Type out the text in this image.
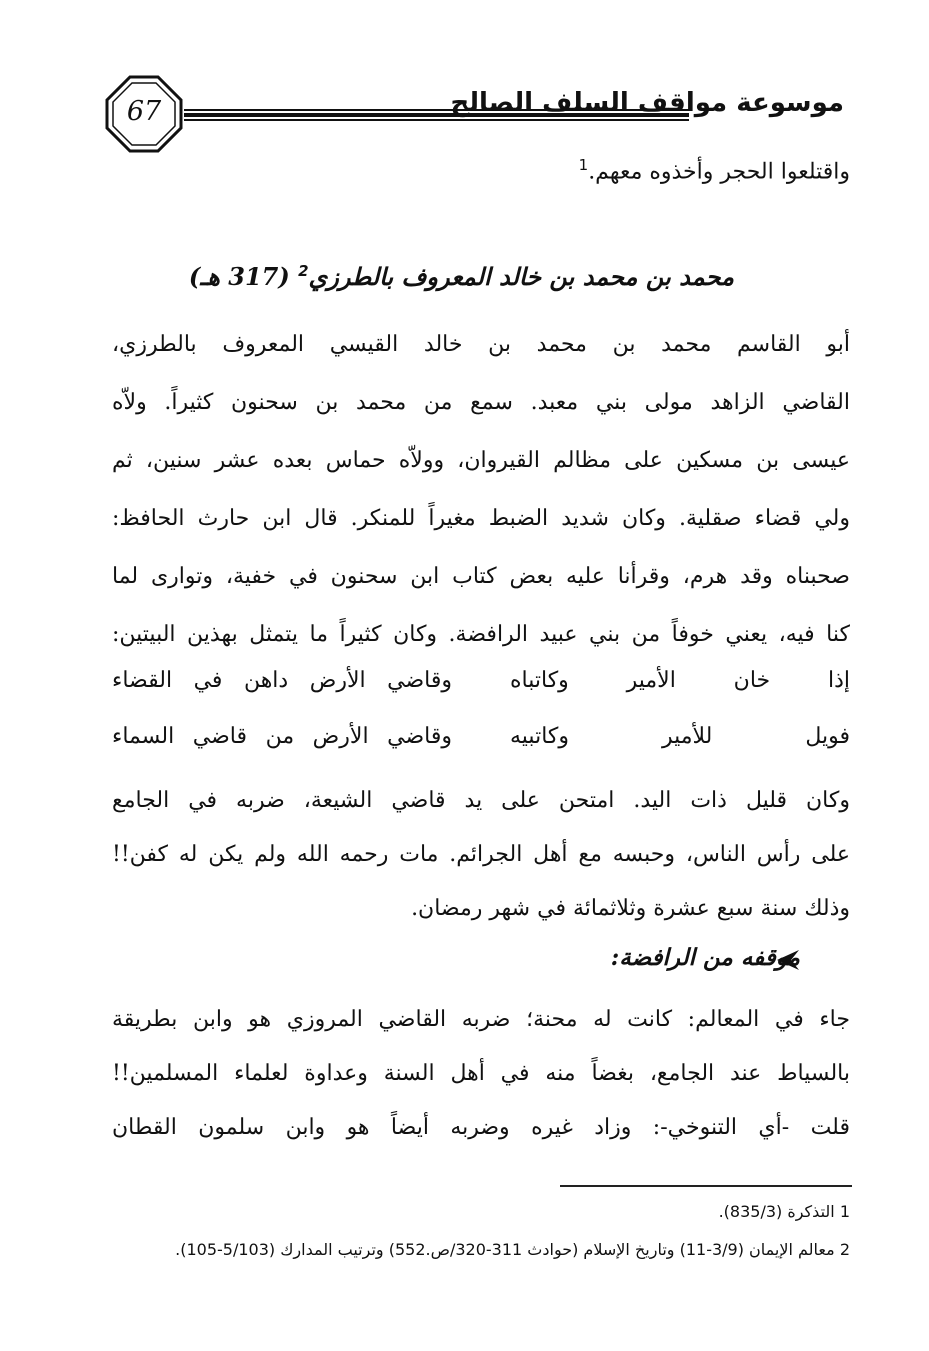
67	موسوعة مواقف السلف الصالح
واقتلعوا الحجر وأخذوه معهم.$^1$
محمد بن محمد بن خالد المعروف بالطرزي$^2$ (317 هـ)
أبو القاسم محمد بن محمد بن خالد القيسي المعروف بالطرزي،
القاضي الزاهد مولى بني معبد. سمع من محمد بن سحنون كثيراً. ولاّه
عيسى بن مسكين على مظالم القيروان، وولاّه حماس بعده عشر سنين، ثم
ولي قضاء صقلية. وكان شديد الضبط مغيراً للمنكر. قال ابن حارث الحافظ:
صحبناه وقد هرم، وقرأنا عليه بعض كتاب ابن سحنون في خفية، وتوارى لما
كنا فيه، يعني خوفاً من بني عبيد الرافضة. وكان كثيراً ما يتمثل بهذين البيتين:
إذا خان الأمير وكاتباه
وقاضي الأرض داهن في القضاء
فويل للأمير وكاتبيه
وقاضي الأرض من قاضي السماء
وكان قليل ذات اليد. امتحن على يد قاضي الشيعة، ضربه في الجامع
على رأس الناس، وحبسه مع أهل الجرائم. مات رحمه الله ولم يكن له كفن!!
وذلك سنة سبع عشرة وثلاثمائة في شهر رمضان.
موقفه من الرافضة:
جاء في المعالم: كانت له محنة؛ ضربه القاضي المروزي هو وابن بطريقة
بالسياط عند الجامع، بغضاً منه في أهل السنة وعداوة لعلماء المسلمين!!
قلت -أي التنوخي-: وزاد غيره وضربه أيضاً هو وابن سلمون القطان
1 التذكرة (835/3).
2 معالم الإيمان (3/9-11) وتاريخ الإسلام (حوادث 311-320/ص.552) وترتيب المدارك (5/103-105).
